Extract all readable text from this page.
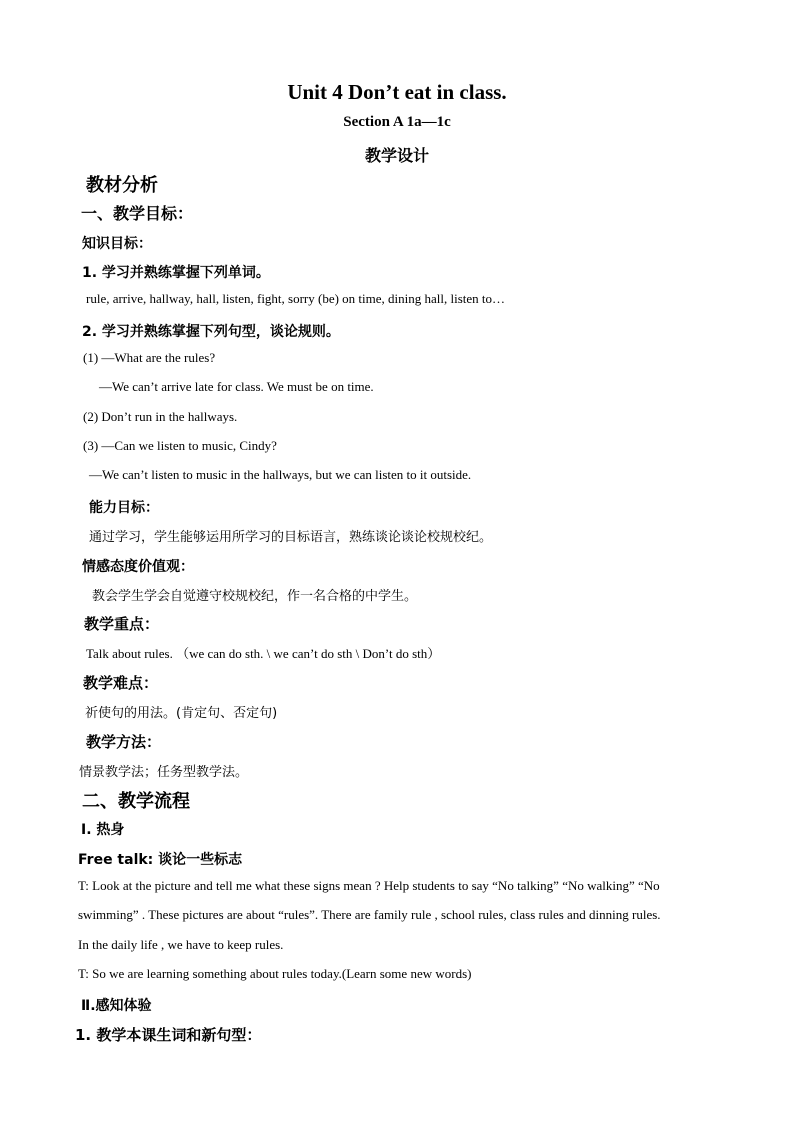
Unit 4 Don’t eat in class.
Section A 1a—1c
教学设计
教材分析
一、教学目标：
知识目标：
1. 学习并熟练掌握下列单词。
rule, arrive, hallway, hall, listen, fight, sorry (be) on time, dining hall, listen to…
2. 学习并熟练掌握下列句型，谈论规则。
(1) —What are the rules?
—We can’t arrive late for class. We must be on time.
(2) Don’t run in the hallways.
(3) —Can we listen to music, Cindy?
—We can’t listen to music in the hallways, but we can listen to it outside.
能力目标：
通过学习，学生能够运用所学习的目标语言，熟练谈论谈论校规校纪。
情感态度价值观：
教会学生学会自觉遵守校规校纪，作一名合格的中学生。
教学重点：
Talk about rules. （we can do sth. \ we can’t do sth \ Don’t do sth）
教学难点：
祈使句的用法。(肯定句、否定句)
教学方法：
情景教学法；任务型教学法。
二、教学流程
Ⅰ. 热身
Free talk: 谈论一些标志
T: Look at the picture and tell me what these signs mean ? Help students to say “No talking” “No walking” “No
swimming” . These pictures are about “rules”. There are family rule , school rules, class rules and dinning rules.
In the daily life , we have to keep rules.
T: So we are learning something about rules today.(Learn some new words)
Ⅱ.感知体验
1. 教学本课生词和新句型：
